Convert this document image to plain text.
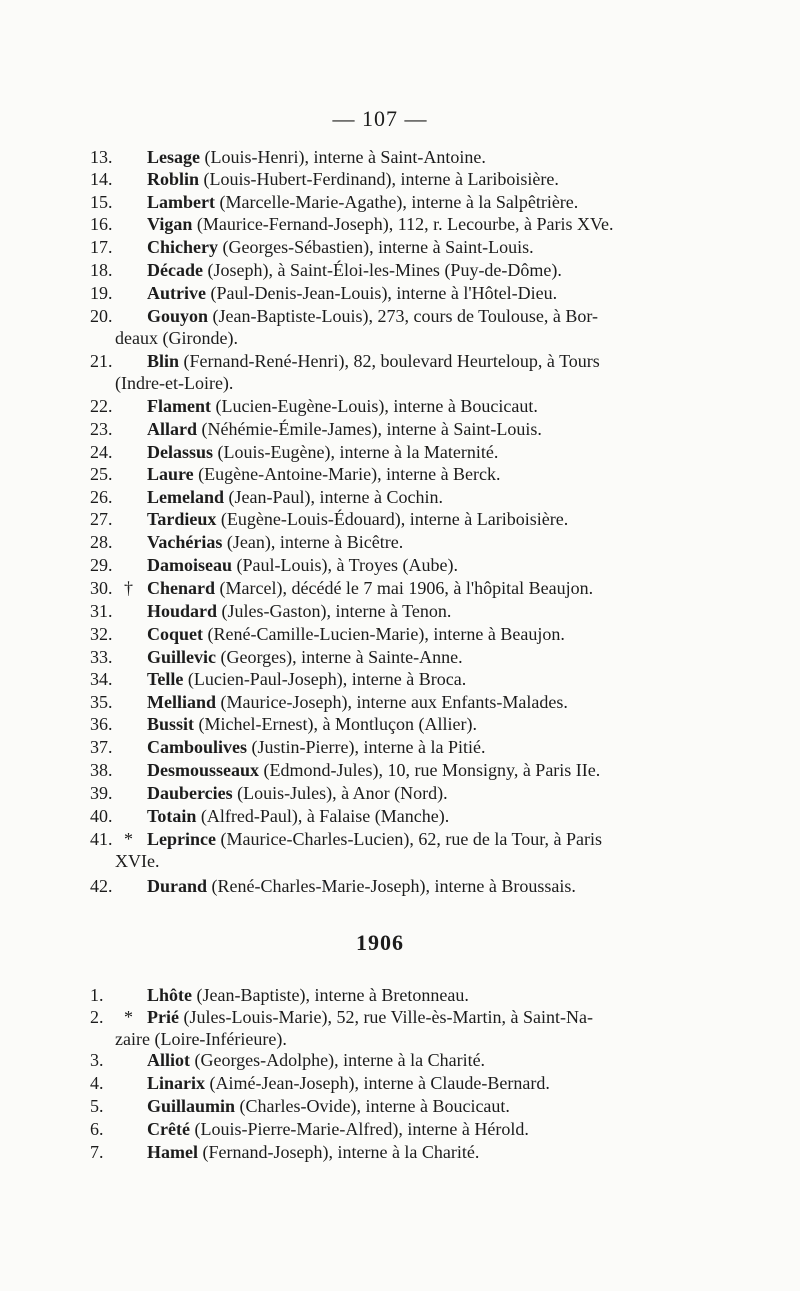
— 107 —
13.	Lesage (Louis-Henri), interne à Saint-Antoine.
14.	Roblin (Louis-Hubert-Ferdinand), interne à Lariboisière.
15.	Lambert (Marcelle-Marie-Agathe), interne à la Salpêtrière.
16.	Vigan (Maurice-Fernand-Joseph), 112, r. Lecourbe, à Paris XVe.
17.	Chichery (Georges-Sébastien), interne à Saint-Louis.
18.	Décade (Joseph), à Saint-Éloi-les-Mines (Puy-de-Dôme).
19.	Autrive (Paul-Denis-Jean-Louis), interne à l'Hôtel-Dieu.
20.	Gouyon (Jean-Baptiste-Louis), 273, cours de Toulouse, à Bor-
deaux (Gironde).
21.	Blin (Fernand-René-Henri), 82, boulevard Heurteloup, à Tours
(Indre-et-Loire).
22.	Flament (Lucien-Eugène-Louis), interne à Boucicaut.
23.	Allard (Néhémie-Émile-James), interne à Saint-Louis.
24.	Delassus (Louis-Eugène), interne à la Maternité.
25.	Laure (Eugène-Antoine-Marie), interne à Berck.
26.	Lemeland (Jean-Paul), interne à Cochin.
27.	Tardieux (Eugène-Louis-Édouard), interne à Lariboisière.
28.	Vachérias (Jean), interne à Bicêtre.
29.	Damoiseau (Paul-Louis), à Troyes (Aube).
30. † Chenard (Marcel), décédé le 7 mai 1906, à l'hôpital Beaujon.
31.	Houdard (Jules-Gaston), interne à Tenon.
32.	Coquet (René-Camille-Lucien-Marie), interne à Beaujon.
33.	Guillevic (Georges), interne à Sainte-Anne.
34.	Telle (Lucien-Paul-Joseph), interne à Broca.
35.	Melliand (Maurice-Joseph), interne aux Enfants-Malades.
36.	Bussit (Michel-Ernest), à Montluçon (Allier).
37.	Camboulives (Justin-Pierre), interne à la Pitié.
38.	Desmousseaux (Edmond-Jules), 10, rue Monsigny, à Paris IIe.
39.	Daubercies (Louis-Jules), à Anor (Nord).
40.	Totain (Alfred-Paul), à Falaise (Manche).
41. * Leprince (Maurice-Charles-Lucien), 62, rue de la Tour, à Paris
XVIe.
42.	Durand (René-Charles-Marie-Joseph), interne à Broussais.
1906
1.	Lhôte (Jean-Baptiste), interne à Bretonneau.
2.	* Prié (Jules-Louis-Marie), 52, rue Ville-ès-Martin, à Saint-Na-
zaire (Loire-Inférieure).
3.	Alliot (Georges-Adolphe), interne à la Charité.
4.	Linarix (Aimé-Jean-Joseph), interne à Claude-Bernard.
5.	Guillaumin (Charles-Ovide), interne à Boucicaut.
6.	Crêté (Louis-Pierre-Marie-Alfred), interne à Hérold.
7.	Hamel (Fernand-Joseph), interne à la Charité.
